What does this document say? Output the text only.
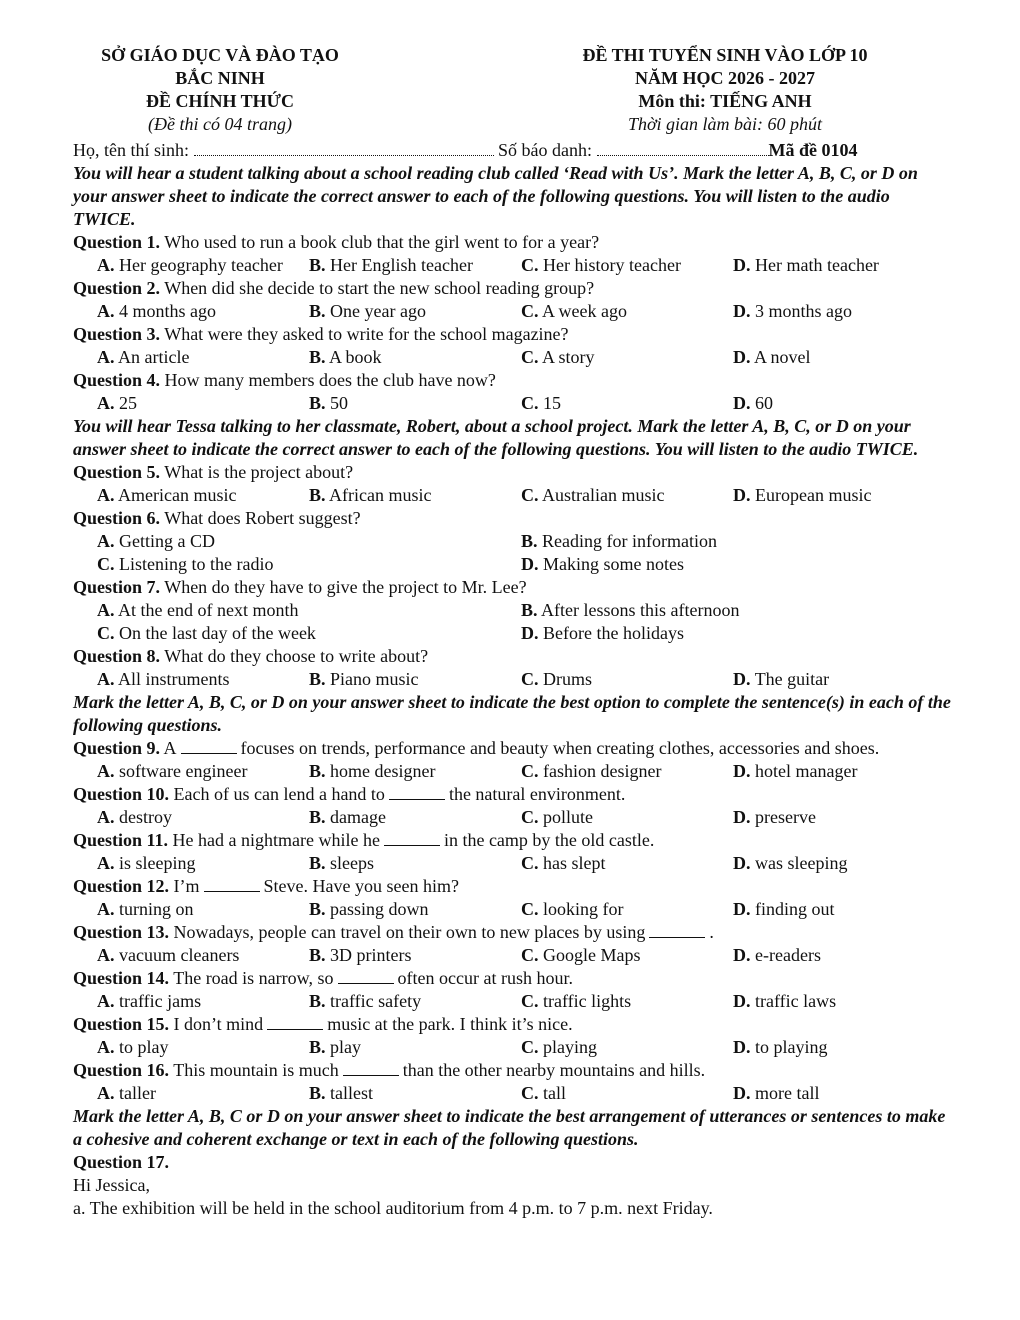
SỞ GIÁO DỤC VÀ ĐÀO TẠO
BẮC NINH
ĐỀ CHÍNH THỨC
(Đề thi có 04 trang)
ĐỀ THI TUYỂN SINH VÀO LỚP 10
NĂM HỌC 2026 - 2027
Môn thi: TIẾNG ANH
Thời gian làm bài: 60 phút
Họ, tên thí sinh:	Số báo danh:	Mã đề 0104
You will hear a student talking about a school reading club called ‘Read with Us’. Mark the letter A, B, C, or D on your answer sheet to indicate the correct answer to each of the following questions. You will listen to the audio TWICE.
Question 1. Who used to run a book club that the girl went to for a year?
A. Her geography teacher	B. Her English teacher	C. Her history teacher	D. Her math teacher
Question 2. When did she decide to start the new school reading group?
A. 4 months ago	B. One year ago	C. A week ago	D. 3 months ago
Question 3. What were they asked to write for the school magazine?
A. An article	B. A book	C. A story	D. A novel
Question 4. How many members does the club have now?
A. 25	B. 50	C. 15	D. 60
You will hear Tessa talking to her classmate, Robert, about a school project. Mark the letter A, B, C, or D on your answer sheet to indicate the correct answer to each of the following questions. You will listen to the audio TWICE.
Question 5. What is the project about?
A. American music	B. African music	C. Australian music	D. European music
Question 6. What does Robert suggest?
A. Getting a CD	B. Reading for information
C. Listening to the radio	D. Making some notes
Question 7. When do they have to give the project to Mr. Lee?
A. At the end of next month	B. After lessons this afternoon
C. On the last day of the week	D. Before the holidays
Question 8. What do they choose to write about?
A. All instruments	B. Piano music	C. Drums	D. The guitar
Mark the letter A, B, C, or D on your answer sheet to indicate the best option to complete the sentence(s) in each of the following questions.
Question 9. A	focuses on trends, performance and beauty when creating clothes, accessories and shoes.
A. software engineer	B. home designer	C. fashion designer	D. hotel manager
Question 10. Each of us can lend a hand to	the natural environment.
A. destroy	B. damage	C. pollute	D. preserve
Question 11. He had a nightmare while he	in the camp by the old castle.
A. is sleeping	B. sleeps	C. has slept	D. was sleeping
Question 12. I’m	Steve. Have you seen him?
A. turning on	B. passing down	C. looking for	D. finding out
Question 13. Nowadays, people can travel on their own to new places by using	.
A. vacuum cleaners	B. 3D printers	C. Google Maps	D. e-readers
Question 14. The road is narrow, so	often occur at rush hour.
A. traffic jams	B. traffic safety	C. traffic lights	D. traffic laws
Question 15. I don’t mind	music at the park. I think it’s nice.
A. to play	B. play	C. playing	D. to playing
Question 16. This mountain is much	than the other nearby mountains and hills.
A. taller	B. tallest	C. tall	D. more tall
Mark the letter A, B, C or D on your answer sheet to indicate the best arrangement of utterances or sentences to make a cohesive and coherent exchange or text in each of the following questions.
Question 17.
Hi Jessica,
a. The exhibition will be held in the school auditorium from 4 p.m. to 7 p.m. next Friday.
